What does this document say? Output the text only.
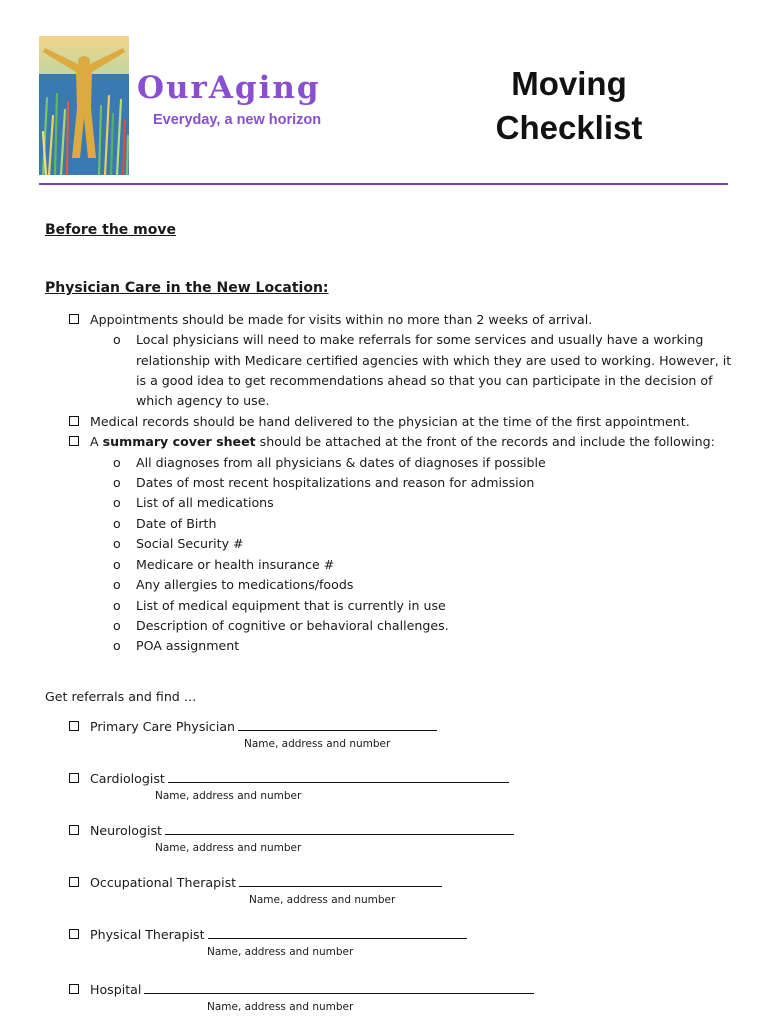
OurAging
Everyday, a new horizon
Moving
Checklist
Before the move
Physician Care in the New Location:
Appointments should be made for visits within no more than 2 weeks of arrival.
o Local physicians will need to make referrals for some services and usually have a working relationship with Medicare certified agencies with which they are used to working. However, it is a good idea to get recommendations ahead so that you can participate in the decision of which agency to use.
Medical records should be hand delivered to the physician at the time of the first appointment.
A summary cover sheet should be attached at the front of the records and include the following:
o All diagnoses from all physicians & dates of diagnoses if possible
o Dates of most recent hospitalizations and reason for admission
o List of all medications
o Date of Birth
o Social Security #
o Medicare or health insurance #
o Any allergies to medications/foods
o List of medical equipment that is currently in use
o Description of cognitive or behavioral challenges.
o POA assignment
Get referrals and find …
Primary Care Physician
Name, address and number
Cardiologist
Name, address and number
Neurologist
Name, address and number
Occupational Therapist
Name, address and number
Physical Therapist
Name, address and number
Hospital
Name, address and number
